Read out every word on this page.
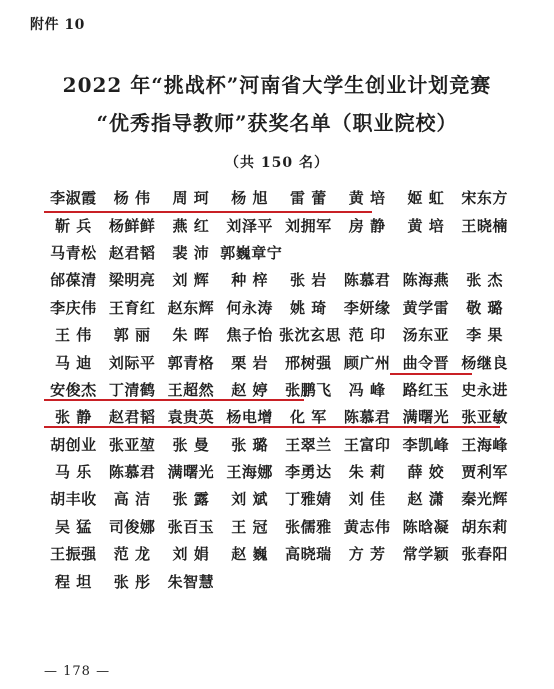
附件 10
2022 年“挑战杯”河南省大学生创业计划竞赛
“优秀指导教师”获奖名单（职业院校）
（共 150 名）
李淑霞	杨 伟	周 珂	杨 旭	雷 蕾	黄 培	姬 虹	宋东方
靳 兵	杨鲜鲜	燕 红	刘泽平 刘拥军	房 静	黄 培	王晓楠
马青松 赵君韬	裴 沛 郭巍章宁
邰葆清 梁明亮	刘 辉	种 梓	张 岩	陈慕君 陈海燕	张 杰
李庆伟 王育红 赵东辉 何永涛	姚 琦	李妍缘 黄学雷	敬 璐
王 伟	郭 丽	朱 晖	焦子怡 张沈玄思 范 印	汤东亚	李 果
马 迪	刘际平 郭青格	栗 岩	邢树强 顾广州 曲令晋 杨继良
安俊杰 丁清鹤 王超然	赵 婷	张鹏飞	冯 峰	路红玉 史永进
张 静	赵君韬 袁贵英 杨电增	化 军	陈慕君 满曙光 张亚敏
胡创业 张亚堃	张 曼	张 璐	王翠兰 王富印 李凯峰 王海峰
马 乐	陈慕君 满曙光 王海娜 李勇达	朱 莉	薛 姣	贾利军
胡丰收	高 洁	张 露	刘 斌	丁雅婧	刘 佳	赵 潇	秦光辉
吴 猛	司俊娜 张百玉	王 冠	张儒雅 黄志伟 陈晗凝 胡东莉
王振强	范 龙	刘 娟	赵 巍	高晓瑞	方 芳	常学颖 张春阳
程 坦	张 彤	朱智慧
— 178 —
